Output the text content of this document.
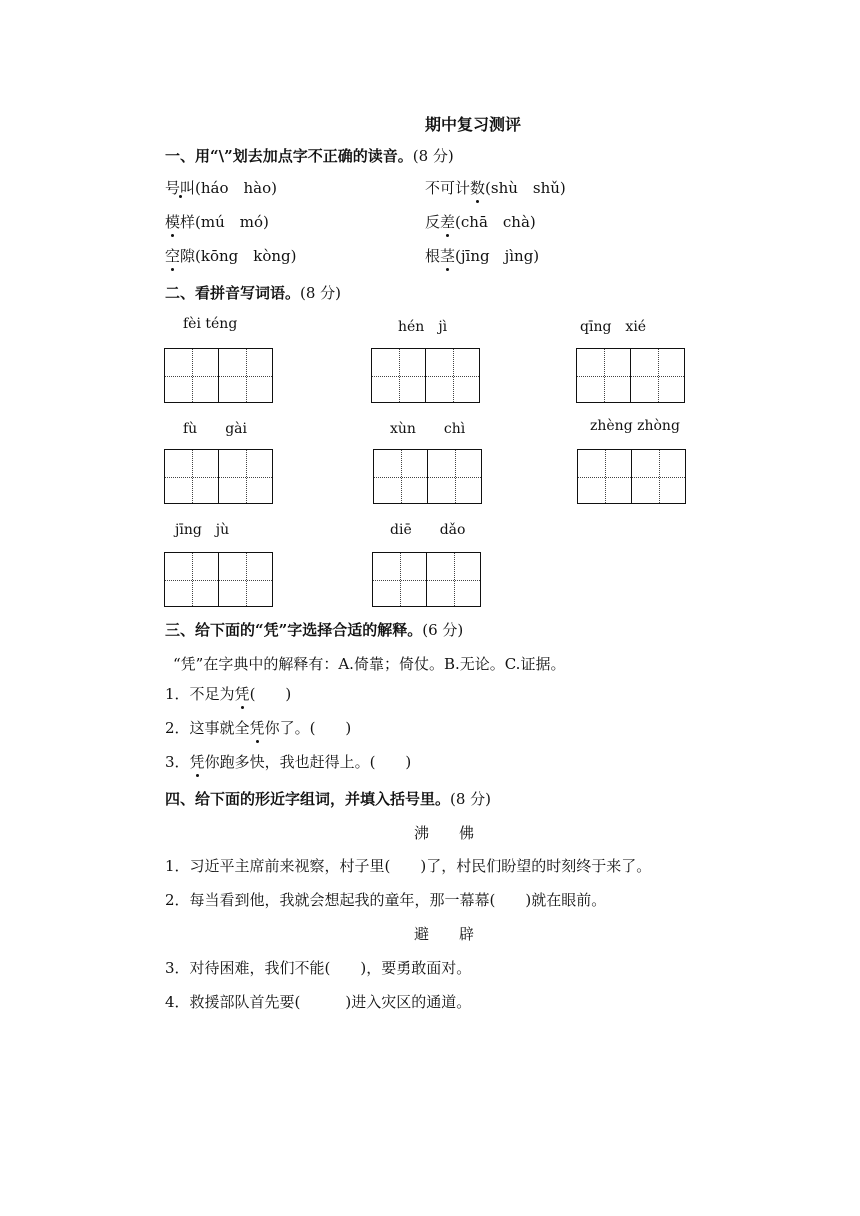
期中复习测评
一、用“\”划去加点字不正确的读音。(8 分)
号叫(háo　hào)	不可计数(shù　shǔ)
模样(mú　mó)	反差(chā　chà)
空隙(kōng　kòng)	根茎(jīng　jìng)
二、看拼音写词语。(8 分)
fèi téng	hén　jì	qīng　xié
fù　　gài	xùn　　chì	zhèng zhòng
jīng　jù	diē　　dǎo
三、给下面的“凭”字选择合适的解释。(6 分)
“凭”在字典中的解释有：A.倚靠；倚仗。B.无论。C.证据。
1．不足为凭(　　)
2．这事就全凭你了。(　　)
3．凭你跑多快，我也赶得上。(　　)
四、给下面的形近字组词，并填入括号里。(8 分)
沸　　佛
1．习近平主席前来视察，村子里(　　)了，村民们盼望的时刻终于来了。
2．每当看到他，我就会想起我的童年，那一幕幕(　　)就在眼前。
避　　辟
3．对待困难，我们不能(　　)，要勇敢面对。
4．救援部队首先要(　　　)进入灾区的通道。
